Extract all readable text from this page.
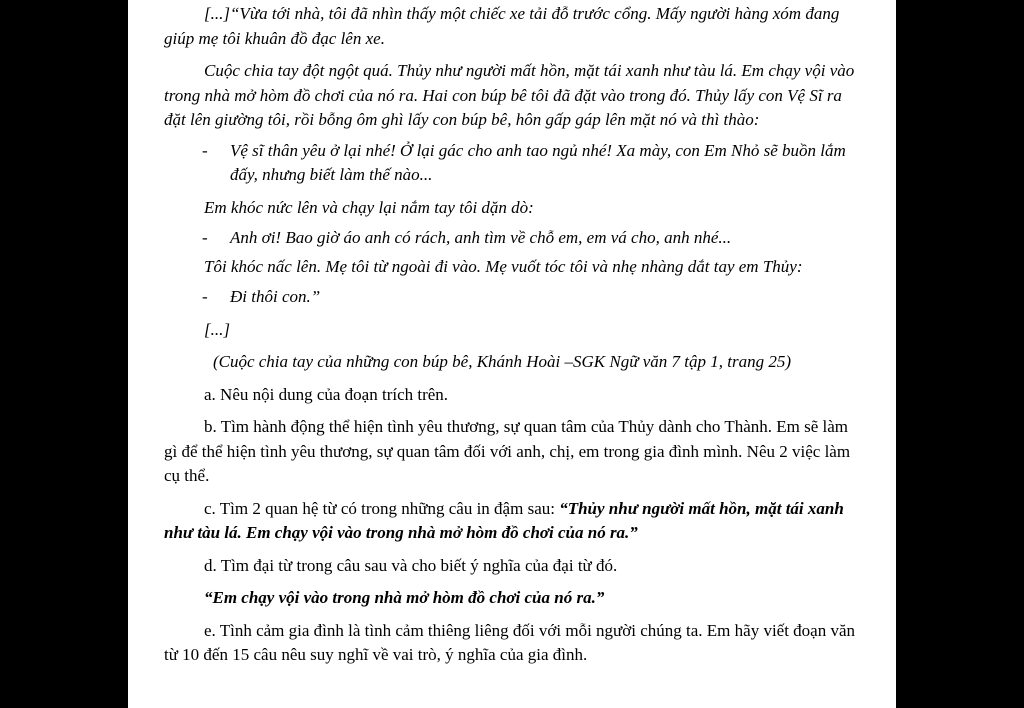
[...]“Vừa tới nhà, tôi đã nhìn thấy một chiếc xe tải đỗ trước cổng. Mấy người hàng xóm đang giúp mẹ tôi khuân đồ đạc lên xe.

Cuộc chia tay đột ngột quá. Thủy như người mất hồn, mặt tái xanh như tàu lá. Em chạy vội vào trong nhà mở hòm đồ chơi của nó ra. Hai con búp bê tôi đã đặt vào trong đó. Thủy lấy con Vệ Sĩ ra đặt lên giường tôi, rồi bỗng ôm ghì lấy con búp bê, hôn gấp gáp lên mặt nó và thì thào:

- Vệ sĩ thân yêu ở lại nhé! Ở lại gác cho anh tao ngủ nhé! Xa mày, con Em Nhỏ sẽ buồn lắm đấy, nhưng biết làm thế nào...

Em khóc nức lên và chạy lại nắm tay tôi dặn dò:

- Anh ơi! Bao giờ áo anh có rách, anh tìm về chỗ em, em vá cho, anh nhé...

Tôi khóc nấc lên. Mẹ tôi từ ngoài đi vào. Mẹ vuốt tóc tôi và nhẹ nhàng dắt tay em Thủy:

- Đi thôi con.”

[...]

(Cuộc chia tay của những con búp bê, Khánh Hoài –SGK Ngữ văn 7 tập 1, trang 25)

a. Nêu nội dung của đoạn trích trên.

b. Tìm hành động thể hiện tình yêu thương, sự quan tâm của Thủy dành cho Thành. Em sẽ làm gì để thể hiện tình yêu thương, sự quan tâm đối với anh, chị, em trong gia đình mình. Nêu 2 việc làm cụ thể.

c. Tìm 2 quan hệ từ có trong những câu in đậm sau: “Thủy như người mất hồn, mặt tái xanh như tàu lá. Em chạy vội vào trong nhà mở hòm đồ chơi của nó ra.”

d. Tìm đại từ trong câu sau và cho biết ý nghĩa của đại từ đó.

“Em chạy vội vào trong nhà mở hòm đồ chơi của nó ra.”

e. Tình cảm gia đình là tình cảm thiêng liêng đối với mỗi người chúng ta. Em hãy viết đoạn văn từ 10 đến 15 câu nêu suy nghĩ về vai trò, ý nghĩa của gia đình.
